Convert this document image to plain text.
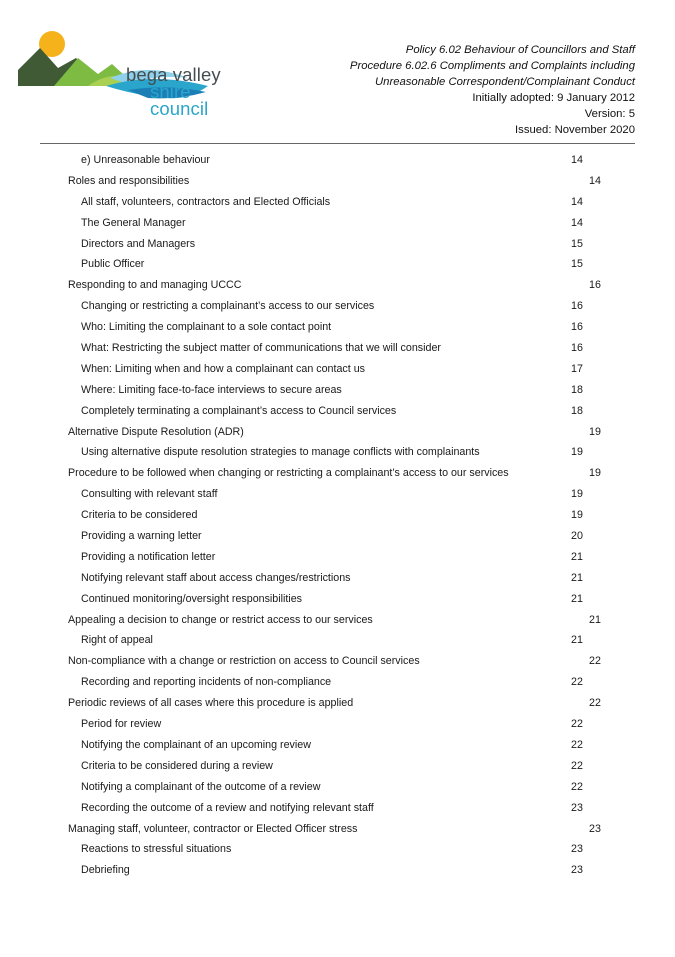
bega valley
shire council
Policy 6.02 Behaviour of Councillors and Staff
Procedure 6.02.6 Compliments and Complaints including
Unreasonable Correspondent/Complainant Conduct
Initially adopted: 9 January 2012
Version: 5
Issued: November 2020
e) Unreasonable behaviour	14
Roles and responsibilities	14
All staff, volunteers, contractors and Elected Officials	14
The General Manager	14
Directors and Managers	15
Public Officer	15
Responding to and managing UCCC	16
Changing or restricting a complainant’s access to our services	16
Who: Limiting the complainant to a sole contact point	16
What: Restricting the subject matter of communications that we will consider	16
When: Limiting when and how a complainant can contact us	17
Where: Limiting face-to-face interviews to secure areas	18
Completely terminating a complainant’s access to Council services	18
Alternative Dispute Resolution (ADR)	19
Using alternative dispute resolution strategies to manage conflicts with complainants	19
Procedure to be followed when changing or restricting a complainant’s access to our services	19
Consulting with relevant staff	19
Criteria to be considered	19
Providing a warning letter	20
Providing a notification letter	21
Notifying relevant staff about access changes/restrictions	21
Continued monitoring/oversight responsibilities	21
Appealing a decision to change or restrict access to our services	21
Right of appeal	21
Non-compliance with a change or restriction on access to Council services	22
Recording and reporting incidents of non-compliance	22
Periodic reviews of all cases where this procedure is applied	22
Period for review	22
Notifying the complainant of an upcoming review	22
Criteria to be considered during a review	22
Notifying a complainant of the outcome of a review	22
Recording the outcome of a review and notifying relevant staff	23
Managing staff, volunteer, contractor or Elected Officer stress	23
Reactions to stressful situations	23
Debriefing	23
